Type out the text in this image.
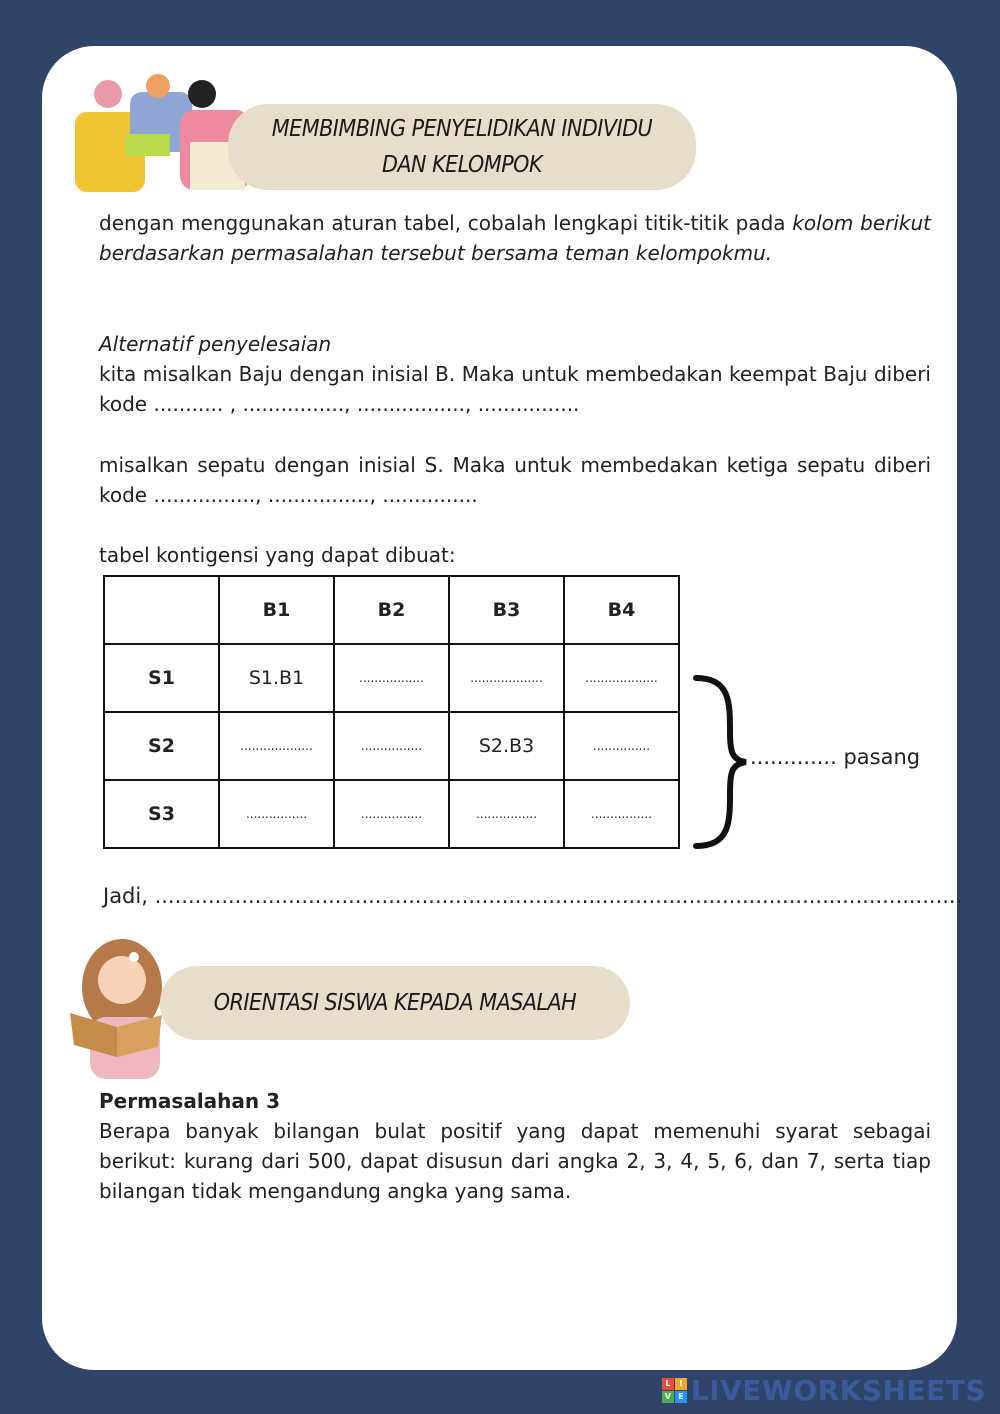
MEMBIMBING PENYELIDIKAN INDIVIDU
DAN KELOMPOK
dengan menggunakan aturan tabel, cobalah lengkapi titik-titik pada kolom berikut berdasarkan permasalahan tersebut bersama teman kelompokmu.
Alternatif penyelesaian
kita misalkan Baju dengan inisial B. Maka untuk membedakan keempat Baju diberi kode ........... , ................, ................., ................
misalkan sepatu dengan inisial S. Maka untuk membedakan ketiga sepatu diberi kode ................, ................, ...............
tabel kontigensi yang dapat dibuat:
	B1	B2	B3	B4
S1	S1.B1	.................	...................	...................
S2	...................	................	S2.B3	...............
S3	................	................	................	................
............. pasang
Jadi, .........................................................................................................................
ORIENTASI SISWA KEPADA MASALAH
Permasalahan 3
Berapa banyak bilangan bulat positif yang dapat memenuhi syarat sebagai berikut: kurang dari 500, dapat disusun dari angka 2, 3, 4, 5, 6, dan 7, serta tiap bilangan tidak mengandung angka yang sama.
L	I
V E LIVEWORKSHEETS
